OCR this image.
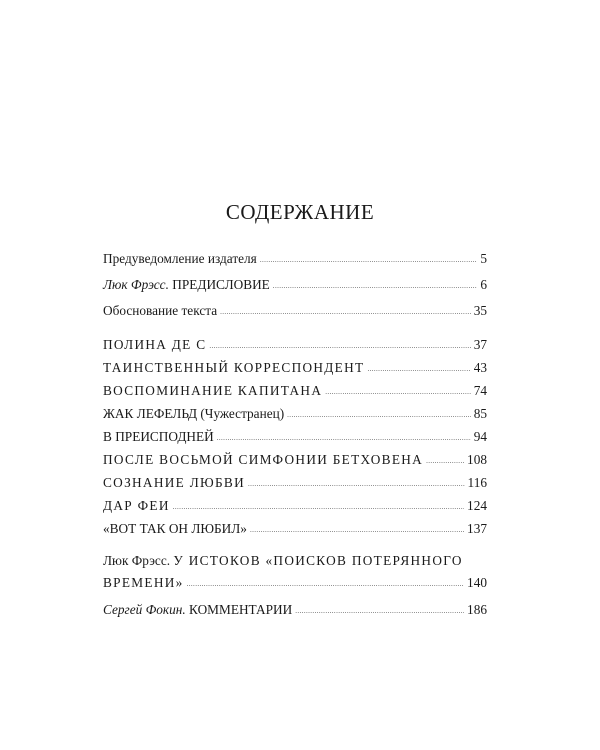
СОДЕРЖАНИЕ
Предуведомление издателя .....	5
Люк Фрэсс. ПРЕДИСЛОВИЕ .....	6
Обоснование текста .....	35
ПОЛИНА ДЕ С .....	37
ТАИНСТВЕННЫЙ КОРРЕСПОНДЕНТ .....	43
ВОСПОМИНАНИЕ КАПИТАНА .....	74
ЖАК ЛЕФЕЛЬД (Чужестранец) .....	85
В ПРЕИСПОДНЕЙ .....	94
ПОСЛЕ ВОСЬМОЙ СИМФОНИИ БЕТХОВЕНА .....	108
СОЗНАНИЕ ЛЮБВИ .....	116
ДАР ФЕИ .....	124
«ВОТ ТАК ОН ЛЮБИЛ» .....	137
Люк Фрэсс. У ИСТОКОВ «ПОИСКОВ ПОТЕРЯННОГО
ВРЕМЕНИ» .....	140
Сергей Фокин. КОММЕНТАРИИ .....	186
